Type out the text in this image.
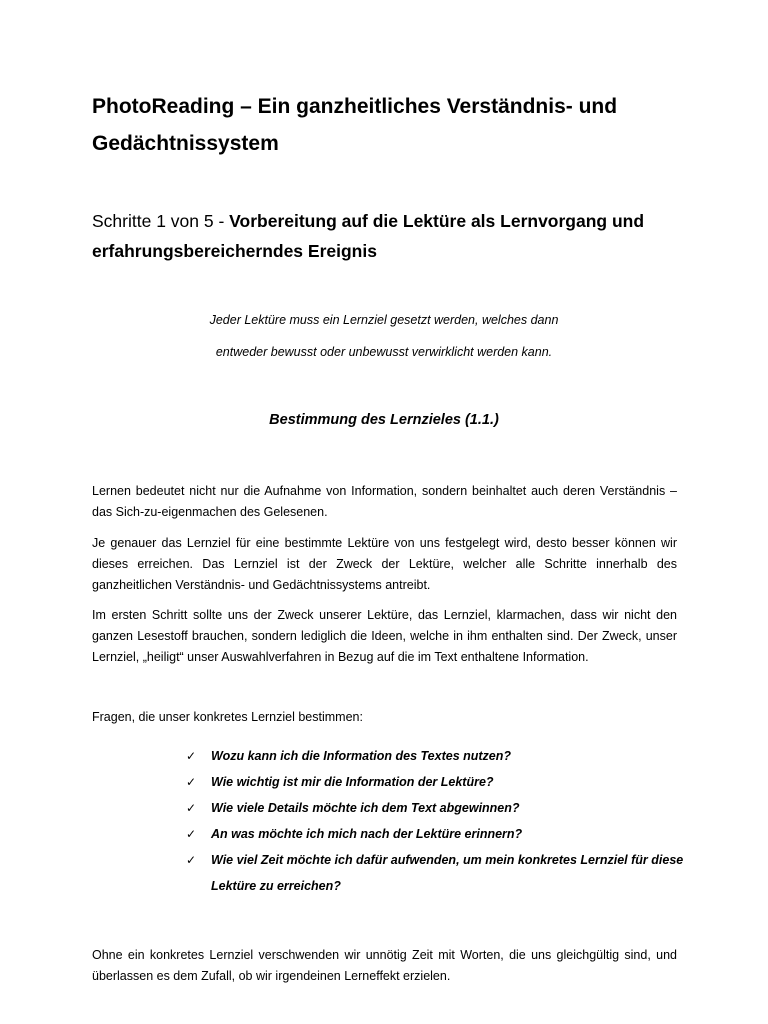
PhotoReading – Ein ganzheitliches Verständnis- und Gedächtnissystem

Schritte 1 von 5 - Vorbereitung auf die Lektüre als Lernvorgang und erfahrungsbereicherndes Ereignis

Jeder Lektüre muss ein Lernziel gesetzt werden, welches dann

entweder bewusst oder unbewusst verwirklicht werden kann.

Bestimmung des Lernzieles (1.1.)

Lernen bedeutet nicht nur die Aufnahme von Information, sondern beinhaltet auch deren Verständnis – das Sich-zu-eigenmachen des Gelesenen.

Je genauer das Lernziel für eine bestimmte Lektüre von uns festgelegt wird, desto besser können wir dieses erreichen. Das Lernziel ist der Zweck der Lektüre, welcher alle Schritte innerhalb des ganzheitlichen Verständnis- und Gedächtnissystems antreibt.

Im ersten Schritt sollte uns der Zweck unserer Lektüre, das Lernziel, klarmachen, dass wir nicht den ganzen Lesestoff brauchen, sondern lediglich die Ideen, welche in ihm enthalten sind. Der Zweck, unser Lernziel, „heiligt“ unser Auswahlverfahren in Bezug auf die im Text enthaltene Information.

Fragen, die unser konkretes Lernziel bestimmen:

✓ Wozu kann ich die Information des Textes nutzen?
✓ Wie wichtig ist mir die Information der Lektüre?
✓ Wie viele Details möchte ich dem Text abgewinnen?
✓ An was möchte ich mich nach der Lektüre erinnern?
✓ Wie viel Zeit möchte ich dafür aufwenden, um mein konkretes Lernziel für diese Lektüre zu erreichen?

Ohne ein konkretes Lernziel verschwenden wir unnötig Zeit mit Worten, die uns gleichgültig sind, und überlassen es dem Zufall, ob wir irgendeinen Lerneffekt erzielen.
